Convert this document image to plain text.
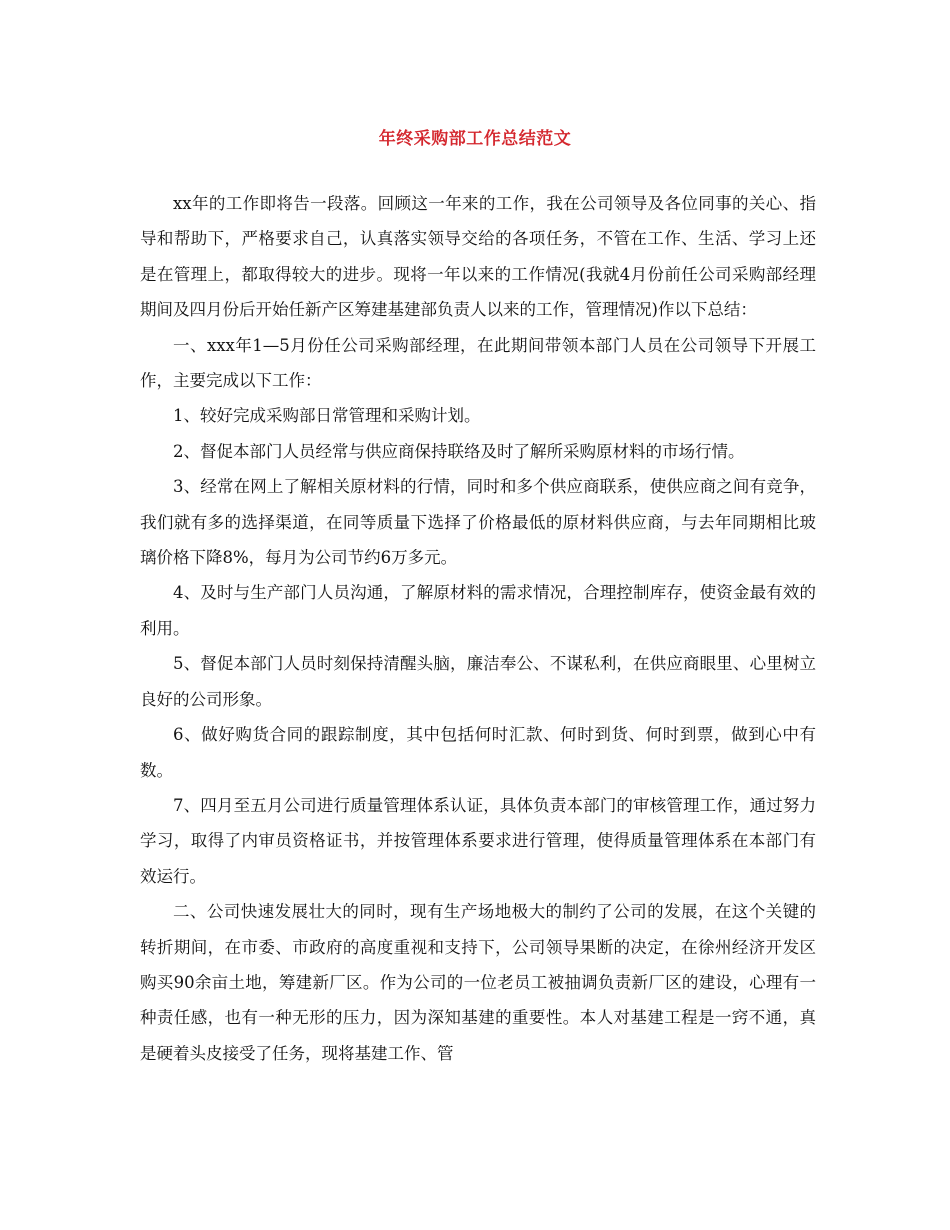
年终采购部工作总结范文

xx年的工作即将告一段落。回顾这一年来的工作，我在公司领导及各位同事的关心、指导和帮助下，严格要求自己，认真落实领导交给的各项任务，不管在工作、生活、学习上还是在管理上，都取得较大的进步。现将一年以来的工作情况(我就4月份前任公司采购部经理期间及四月份后开始任新产区筹建基建部负责人以来的工作，管理情况)作以下总结：

一、xxx年1—5月份任公司采购部经理，在此期间带领本部门人员在公司领导下开展工作，主要完成以下工作：

1、较好完成采购部日常管理和采购计划。

2、督促本部门人员经常与供应商保持联络及时了解所采购原材料的市场行情。

3、经常在网上了解相关原材料的行情，同时和多个供应商联系，使供应商之间有竞争，我们就有多的选择渠道，在同等质量下选择了价格最低的原材料供应商，与去年同期相比玻璃价格下降8%，每月为公司节约6万多元。

4、及时与生产部门人员沟通，了解原材料的需求情况，合理控制库存，使资金最有效的利用。

5、督促本部门人员时刻保持清醒头脑，廉洁奉公、不谋私利，在供应商眼里、心里树立良好的公司形象。

6、做好购货合同的跟踪制度，其中包括何时汇款、何时到货、何时到票，做到心中有数。

7、四月至五月公司进行质量管理体系认证，具体负责本部门的审核管理工作，通过努力学习，取得了内审员资格证书，并按管理体系要求进行管理，使得质量管理体系在本部门有效运行。

二、公司快速发展壮大的同时，现有生产场地极大的制约了公司的发展，在这个关键的转折期间，在市委、市政府的高度重视和支持下，公司领导果断的决定，在徐州经济开发区购买90余亩土地，筹建新厂区。作为公司的一位老员工被抽调负责新厂区的建设，心理有一种责任感，也有一种无形的压力，因为深知基建的重要性。本人对基建工程是一窍不通，真是硬着头皮接受了任务，现将基建工作、管
